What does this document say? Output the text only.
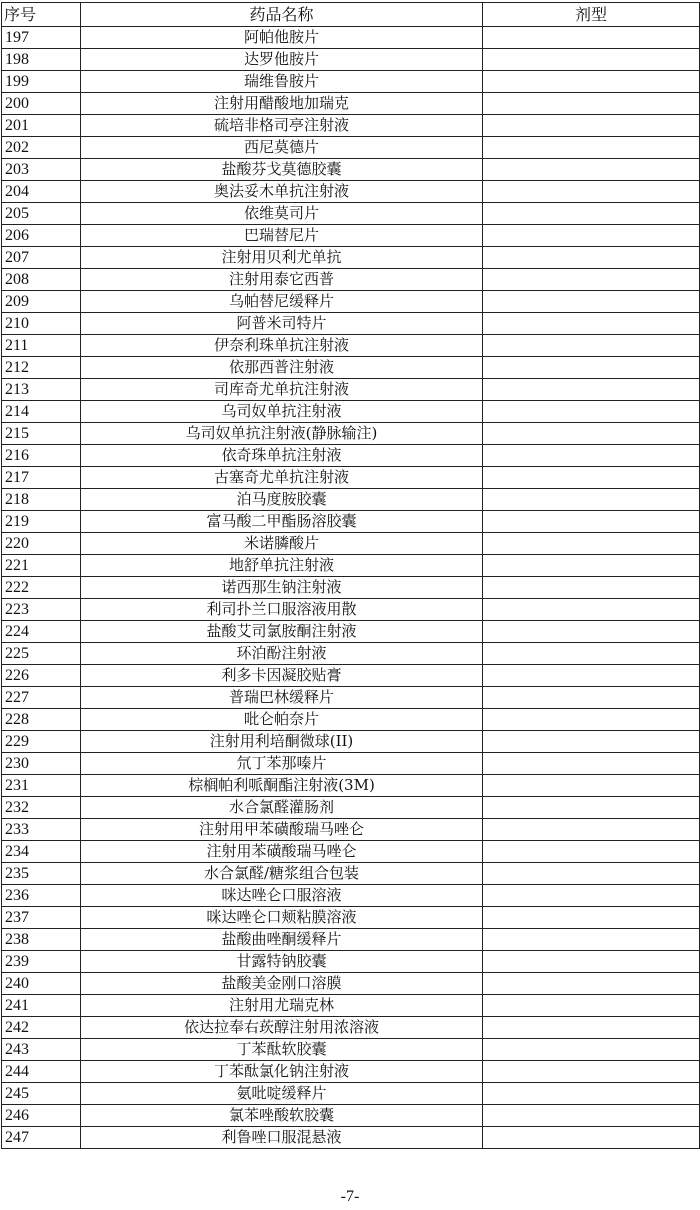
序号	药品名称	剂型
197	阿帕他胺片	
198	达罗他胺片	
199	瑞维鲁胺片	
200	注射用醋酸地加瑞克	
201	硫培非格司亭注射液	
202	西尼莫德片	
203	盐酸芬戈莫德胶囊	
204	奥法妥木单抗注射液	
205	依维莫司片	
206	巴瑞替尼片	
207	注射用贝利尤单抗	
208	注射用泰它西普	
209	乌帕替尼缓释片	
210	阿普米司特片	
211	伊奈利珠单抗注射液	
212	依那西普注射液	
213	司库奇尤单抗注射液	
214	乌司奴单抗注射液	
215	乌司奴单抗注射液(静脉输注)	
216	依奇珠单抗注射液	
217	古塞奇尤单抗注射液	
218	泊马度胺胶囊	
219	富马酸二甲酯肠溶胶囊	
220	米诺膦酸片	
221	地舒单抗注射液	
222	诺西那生钠注射液	
223	利司扑兰口服溶液用散	
224	盐酸艾司氯胺酮注射液	
225	环泊酚注射液	
226	利多卡因凝胶贴膏	
227	普瑞巴林缓释片	
228	吡仑帕奈片	
229	注射用利培酮微球(II)	
230	氘丁苯那嗪片	
231	棕榈帕利哌酮酯注射液(3M)	
232	水合氯醛灌肠剂	
233	注射用甲苯磺酸瑞马唑仑	
234	注射用苯磺酸瑞马唑仑	
235	水合氯醛/糖浆组合包装	
236	咪达唑仑口服溶液	
237	咪达唑仑口颊粘膜溶液	
238	盐酸曲唑酮缓释片	
239	甘露特钠胶囊	
240	盐酸美金刚口溶膜	
241	注射用尤瑞克林	
242	依达拉奉右莰醇注射用浓溶液	
243	丁苯酞软胶囊	
244	丁苯酞氯化钠注射液	
245	氨吡啶缓释片	
246	氯苯唑酸软胶囊	
247	利鲁唑口服混悬液	
-7-
